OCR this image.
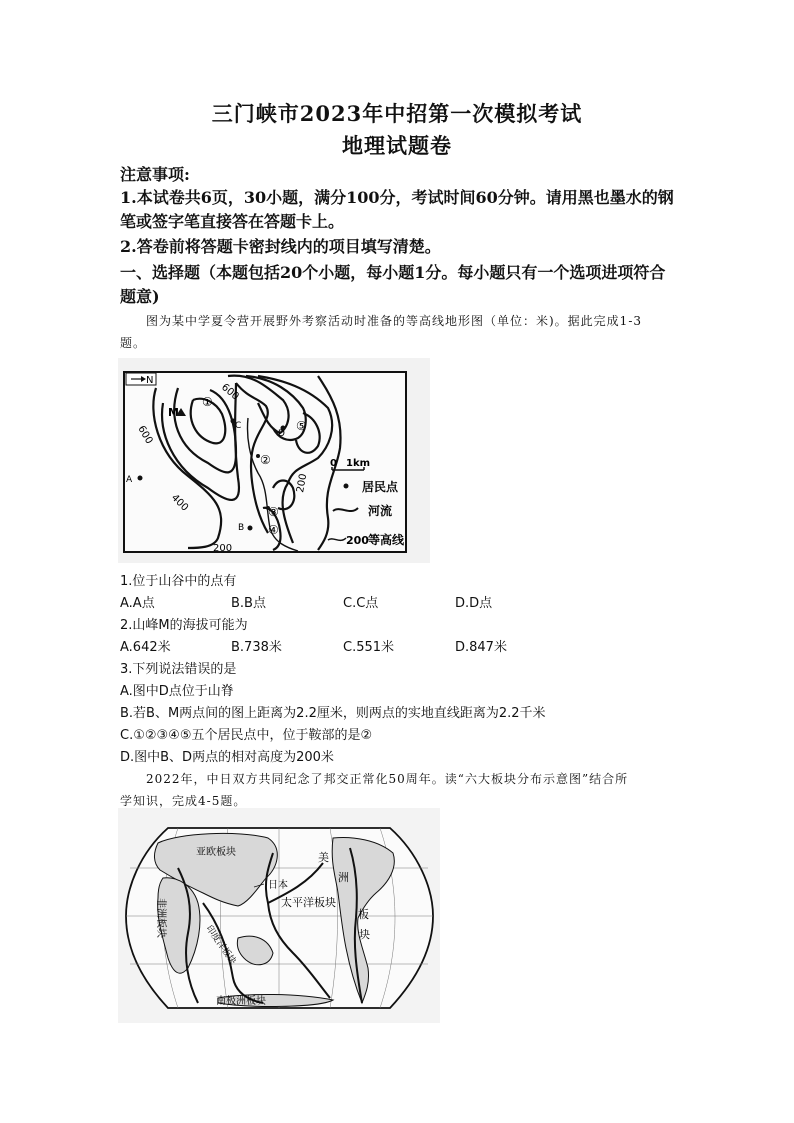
三门峡市2023年中招第一次模拟考试
地理试题卷
注意事项:
1.本试卷共6页，30小题，满分100分，考试时间60分钟。请用黑也墨水的钢
笔或签字笔直接答在答题卡上。
2.答卷前将答题卡密封线内的项目填写清楚。
一、选择题（本题包括20个小题，每小题1分。每小题只有一个选项进项符合
题意)
图为某中学夏令营开展野外考察活动时准备的等高线地形图（单位：米)。据此完成1-3
题。
N
600
600
400
200
200
M
A
B
C
D
①
②
③
④
⑤
0 1km
居民点
河流
200 等高线
1.位于山谷中的点有
A.A点	B.B点	C.C点	D.D点
2.山峰M的海拔可能为
A.642米	B.738米	C.551米	D.847米
3.下列说法错误的是
A.图中D点位于山脊
B.若B、M两点间的图上距离为2.2厘米，则两点的实地直线距离为2.2千米
C.①②③④⑤五个居民点中，位于鞍部的是②
D.图中B、D两点的相对高度为200米
2022年，中日双方共同纪念了邦交正常化50周年。读“六大板块分布示意图”结合所
学知识，完成4-5题。
亚欧板块
日本
美
洲
板
块
太平洋板块
非洲板块
印度洋板块
南极洲板块
